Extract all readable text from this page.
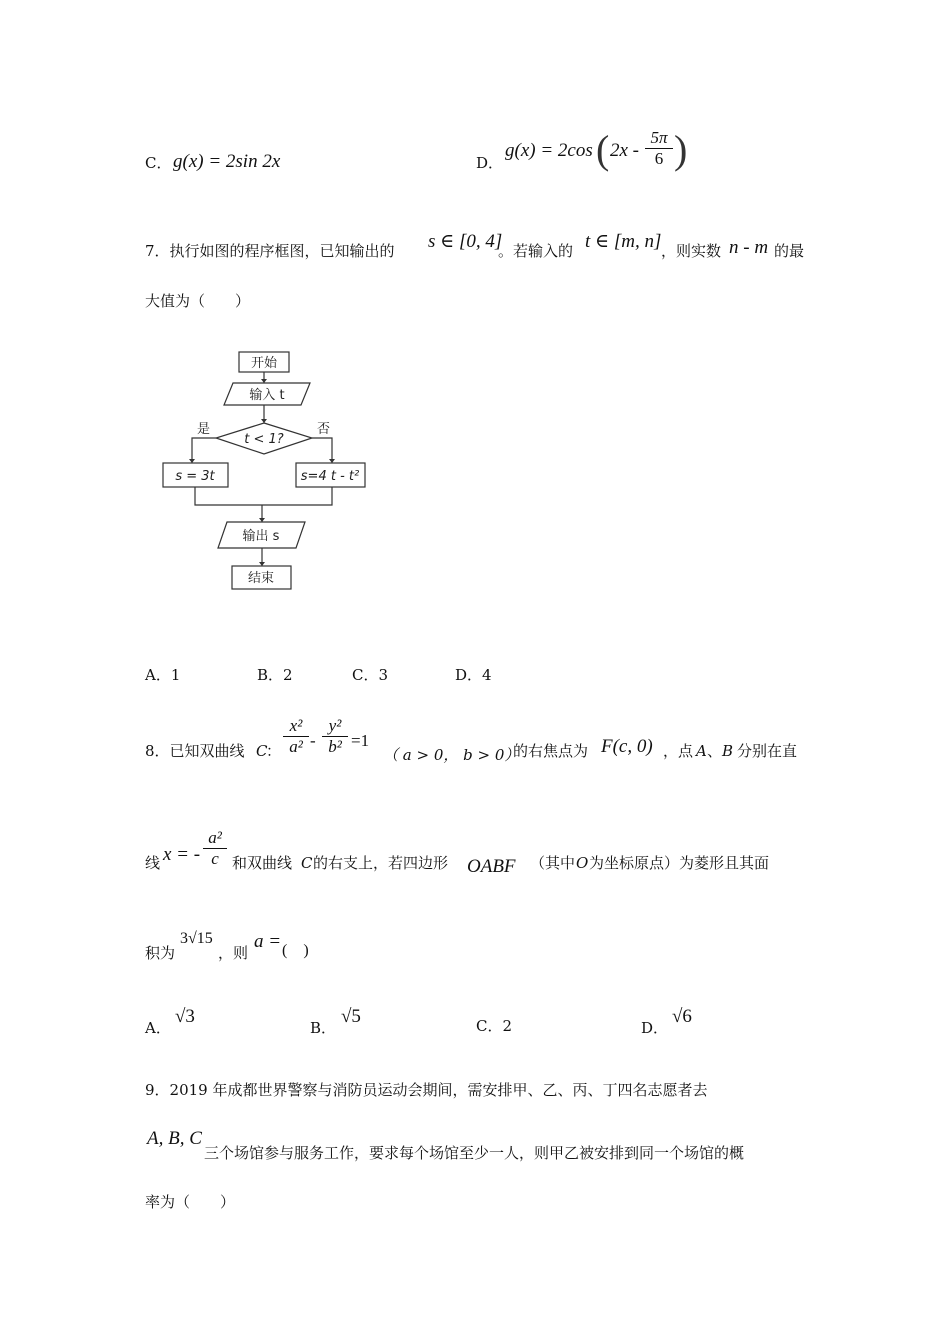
C． g(x) = 2sin 2x	D．
g(x) = 2cos ( $2x - \frac{5\pi}{6}$ )
7．执行如图的程序框图，已知输出的 s ∈ [0, 4]
。若输入的 t ∈ [m, n] ，则实数 n - m 的最
大值为（　　）
开始
输入 t
t < 1?
是	否
s = 3t	s=4 t - t²
输出 s
结束
A．1	B．2	C．3	D．4
8．已知双曲线 C
： $\frac{\text{x²}}{\text{a²}} - \frac{\text{y²}}{\text{b²}} =1$
（ a > 0， b > 0）
的右焦点为 F(c, 0) ，点 A 、 B 分别在直
线 x = - $\frac{\text{a²}}{c}$ 和双曲线 C 的右支上，若四边形 OABF （其中 O 为坐标原点）为菱形且其面
积为
3√15
，则
a = (　)
A．
√3
B．
√5	C．2	D．
√6
9．2019 年成都世界警察与消防员运动会期间，需安排甲、乙、丙、丁四名志愿者去
A, B, C
三个场馆参与服务工作，要求每个场馆至少一人，则甲乙被安排到同一个场馆的概
率为（　　）
